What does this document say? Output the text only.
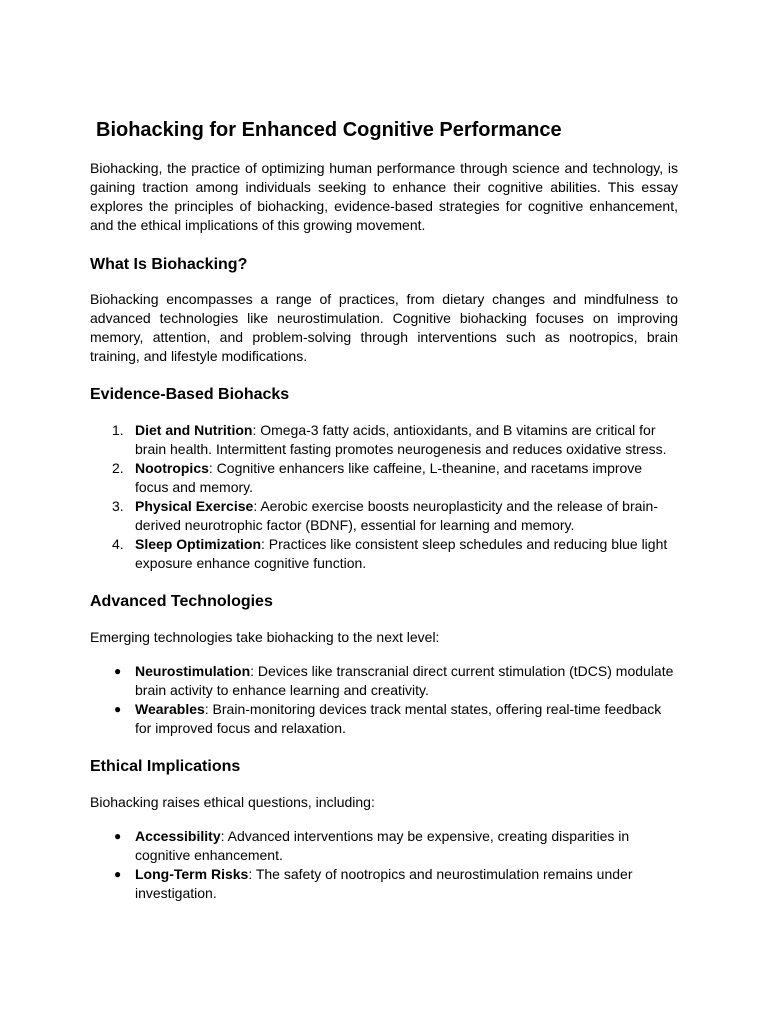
Biohacking for Enhanced Cognitive Performance

Biohacking, the practice of optimizing human performance through science and technology, is gaining traction among individuals seeking to enhance their cognitive abilities. This essay explores the principles of biohacking, evidence-based strategies for cognitive enhancement, and the ethical implications of this growing movement.

What Is Biohacking?

Biohacking encompasses a range of practices, from dietary changes and mindfulness to advanced technologies like neurostimulation. Cognitive biohacking focuses on improving memory, attention, and problem-solving through interventions such as nootropics, brain training, and lifestyle modifications.

Evidence-Based Biohacks
1. Diet and Nutrition: Omega-3 fatty acids, antioxidants, and B vitamins are critical for brain health. Intermittent fasting promotes neurogenesis and reduces oxidative stress.
2. Nootropics: Cognitive enhancers like caffeine, L-theanine, and racetams improve focus and memory.
3. Physical Exercise: Aerobic exercise boosts neuroplasticity and the release of brain-derived neurotrophic factor (BDNF), essential for learning and memory.
4. Sleep Optimization: Practices like consistent sleep schedules and reducing blue light exposure enhance cognitive function.
Advanced Technologies

Emerging technologies take biohacking to the next level:

● Neurostimulation: Devices like transcranial direct current stimulation (tDCS) modulate brain activity to enhance learning and creativity.
● Wearables: Brain-monitoring devices track mental states, offering real-time feedback for improved focus and relaxation.
Ethical Implications

Biohacking raises ethical questions, including:

● Accessibility: Advanced interventions may be expensive, creating disparities in cognitive enhancement.
● Long-Term Risks: The safety of nootropics and neurostimulation remains under investigation.
